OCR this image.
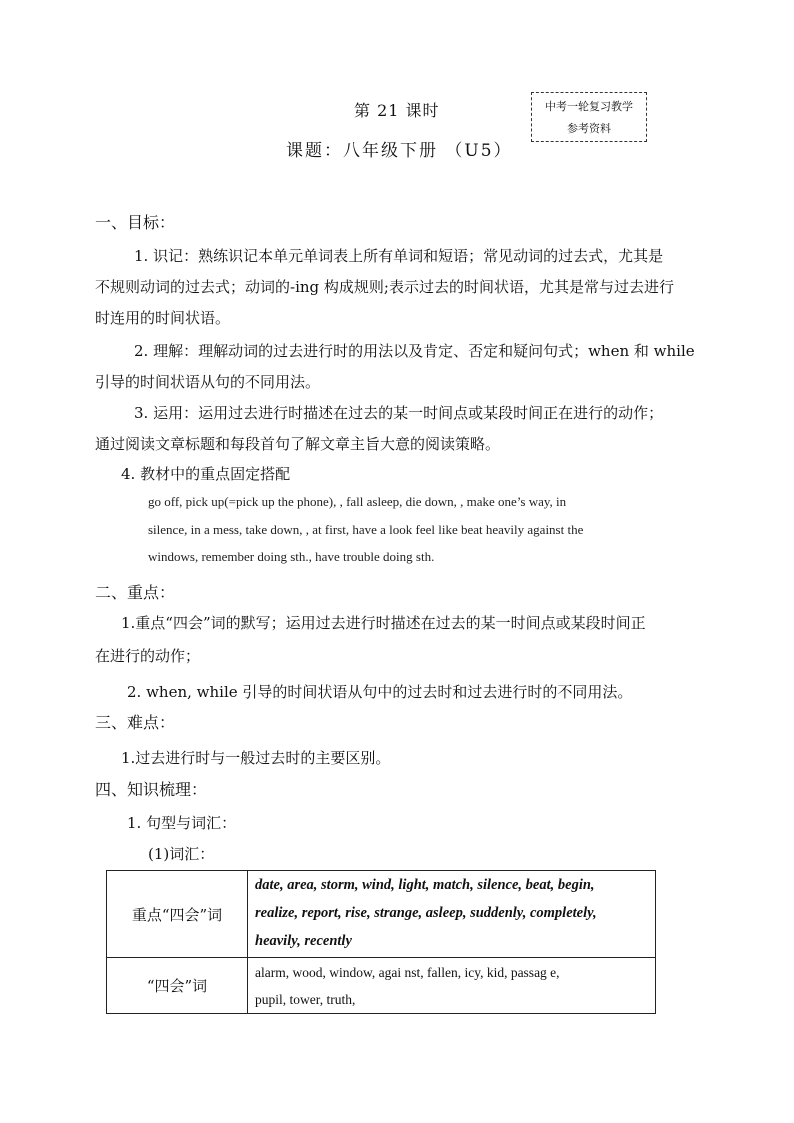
第 21 课时
课题：八年级下册 （U5）
中考一轮复习教学
参考资料
一、目标：
1. 识记：熟练识记本单元单词表上所有单词和短语；常见动词的过去式，尤其是
不规则动词的过去式；动词的-ing 构成规则;表示过去的时间状语，尤其是常与过去进行
时连用的时间状语。
2. 理解：理解动词的过去进行时的用法以及肯定、否定和疑问句式；when 和 while
引导的时间状语从句的不同用法。
3. 运用：运用过去进行时描述在过去的某一时间点或某段时间正在进行的动作；
通过阅读文章标题和每段首句了解文章主旨大意的阅读策略。
4. 教材中的重点固定搭配
go off, pick up(=pick up the phone), , fall asleep, die down, , make one’s way, in
silence, in a mess, take down, , at first, have a look feel like beat heavily against the
windows, remember doing sth., have trouble doing sth.
二、重点：
1.重点“四会”词的默写；运用过去进行时描述在过去的某一时间点或某段时间正
在进行的动作；
2. when, while 引导的时间状语从句中的过去时和过去进行时的不同用法。
三、难点：
1.过去进行时与一般过去时的主要区别。
四、知识梳理：
1. 句型与词汇：
(1)词汇：
重点“四会”词	date, area, storm, wind, light, match, silence, beat, begin,
realize, report, rise, strange, asleep, suddenly, completely,
heavily, recently

“四会”词	alarm, wood, window, agai nst, fallen, icy, kid, passag e,
pupil, tower, truth,
